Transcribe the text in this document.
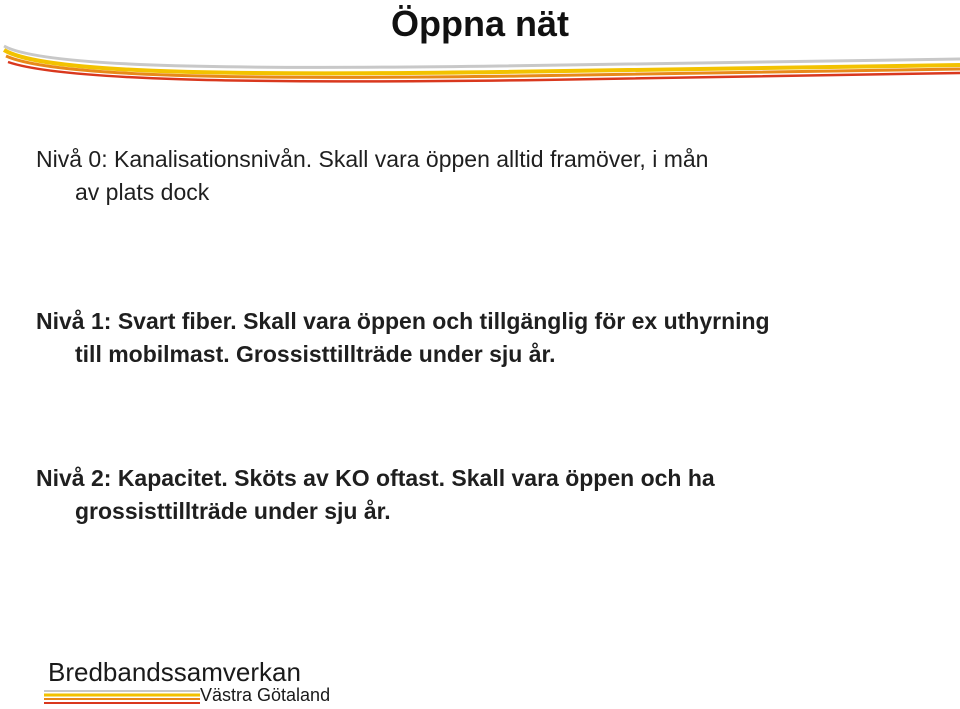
Öppna nät
Nivå 0: Kanalisationsnivån. Skall vara öppen alltid framöver, i mån
av plats dock
Nivå 1: Svart fiber. Skall vara öppen och tillgänglig för ex uthyrning
till mobilmast. Grossisttillträde under sju år.
Nivå 2: Kapacitet. Sköts av KO oftast. Skall vara öppen och ha
grossisttillträde under sju år.
Bredbandssamverkan
Västra Götaland
